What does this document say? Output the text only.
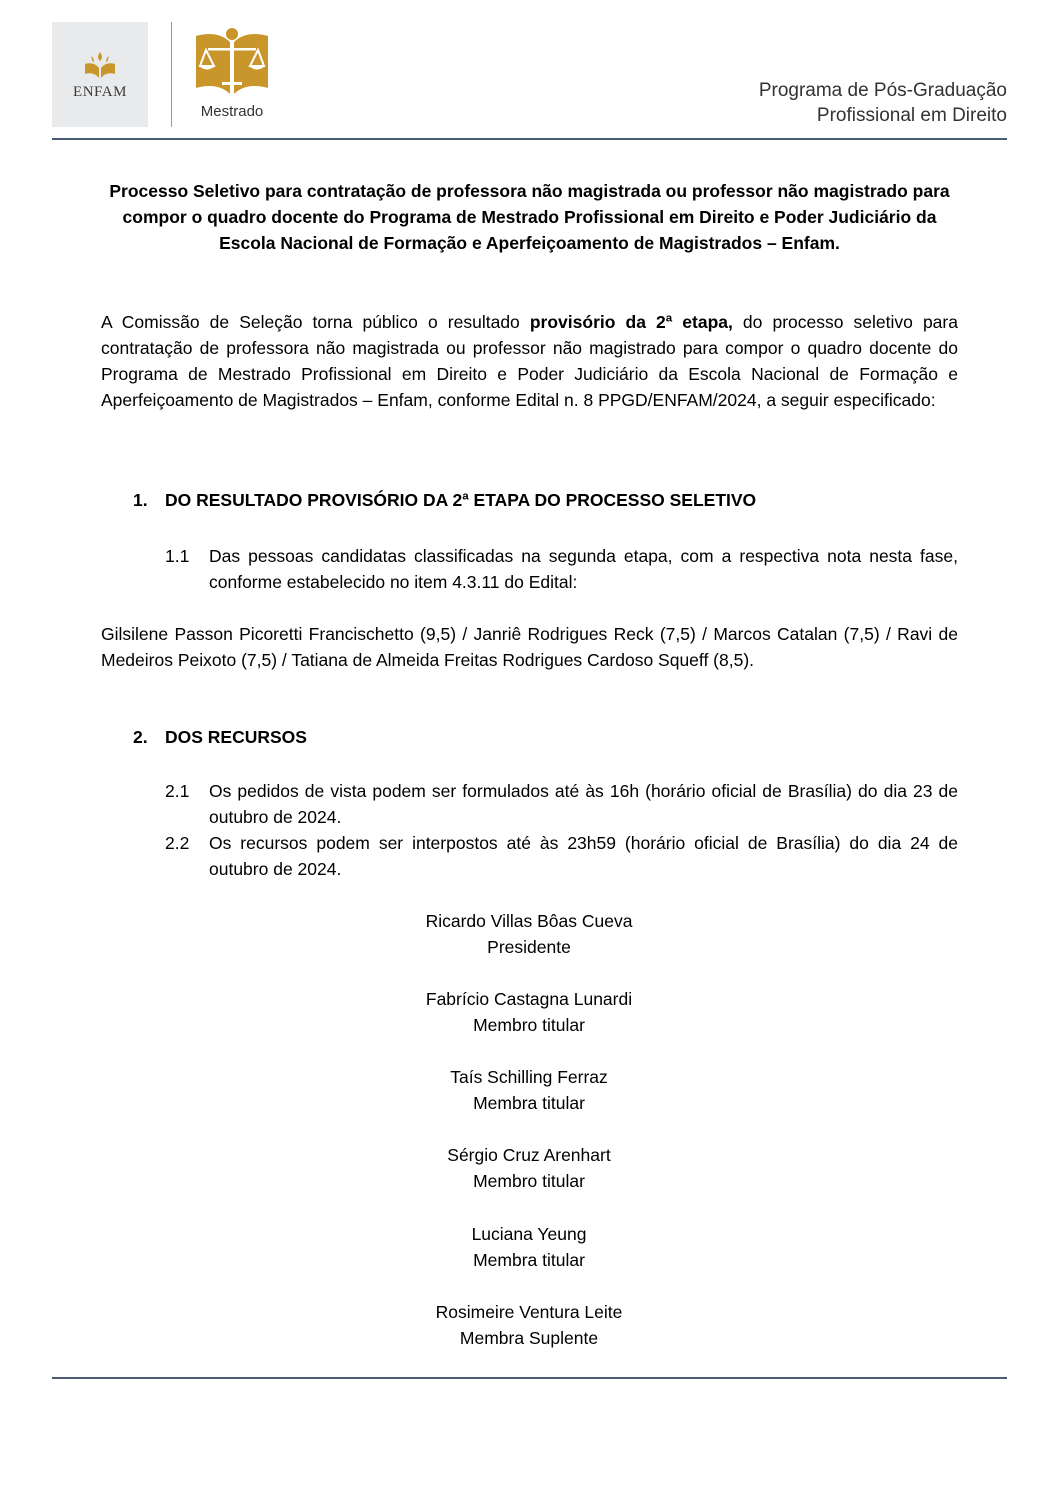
ENFAM
Mestrado
Programa de Pós-Graduação
Profissional em Direito
Processo Seletivo para contratação de professora não magistrada ou professor não magistrado para compor o quadro docente do Programa de Mestrado Profissional em Direito e Poder Judiciário da Escola Nacional de Formação e Aperfeiçoamento de Magistrados – Enfam.
A Comissão de Seleção torna público o resultado provisório da 2ª etapa, do processo seletivo para contratação de professora não magistrada ou professor não magistrado para compor o quadro docente do Programa de Mestrado Profissional em Direito e Poder Judiciário da Escola Nacional de Formação e Aperfeiçoamento de Magistrados – Enfam, conforme Edital n. 8 PPGD/ENFAM/2024, a seguir especificado:
1. DO RESULTADO PROVISÓRIO DA 2ª ETAPA DO PROCESSO SELETIVO
1.1 Das pessoas candidatas classificadas na segunda etapa, com a respectiva nota nesta fase, conforme estabelecido no item 4.3.11 do Edital:
Gilsilene Passon Picoretti Francischetto (9,5) / Janriê Rodrigues Reck (7,5) / Marcos Catalan (7,5) / Ravi de Medeiros Peixoto (7,5) / Tatiana de Almeida Freitas Rodrigues Cardoso Squeff (8,5).
2. DOS RECURSOS
2.1 Os pedidos de vista podem ser formulados até às 16h (horário oficial de Brasília) do dia 23 de outubro de 2024.
2.2 Os recursos podem ser interpostos até às 23h59 (horário oficial de Brasília) do dia 24 de outubro de 2024.
Ricardo Villas Bôas Cueva
Presidente
Fabrício Castagna Lunardi
Membro titular
Taís Schilling Ferraz
Membra titular
Sérgio Cruz Arenhart
Membro titular
Luciana Yeung
Membra titular
Rosimeire Ventura Leite
Membra Suplente
